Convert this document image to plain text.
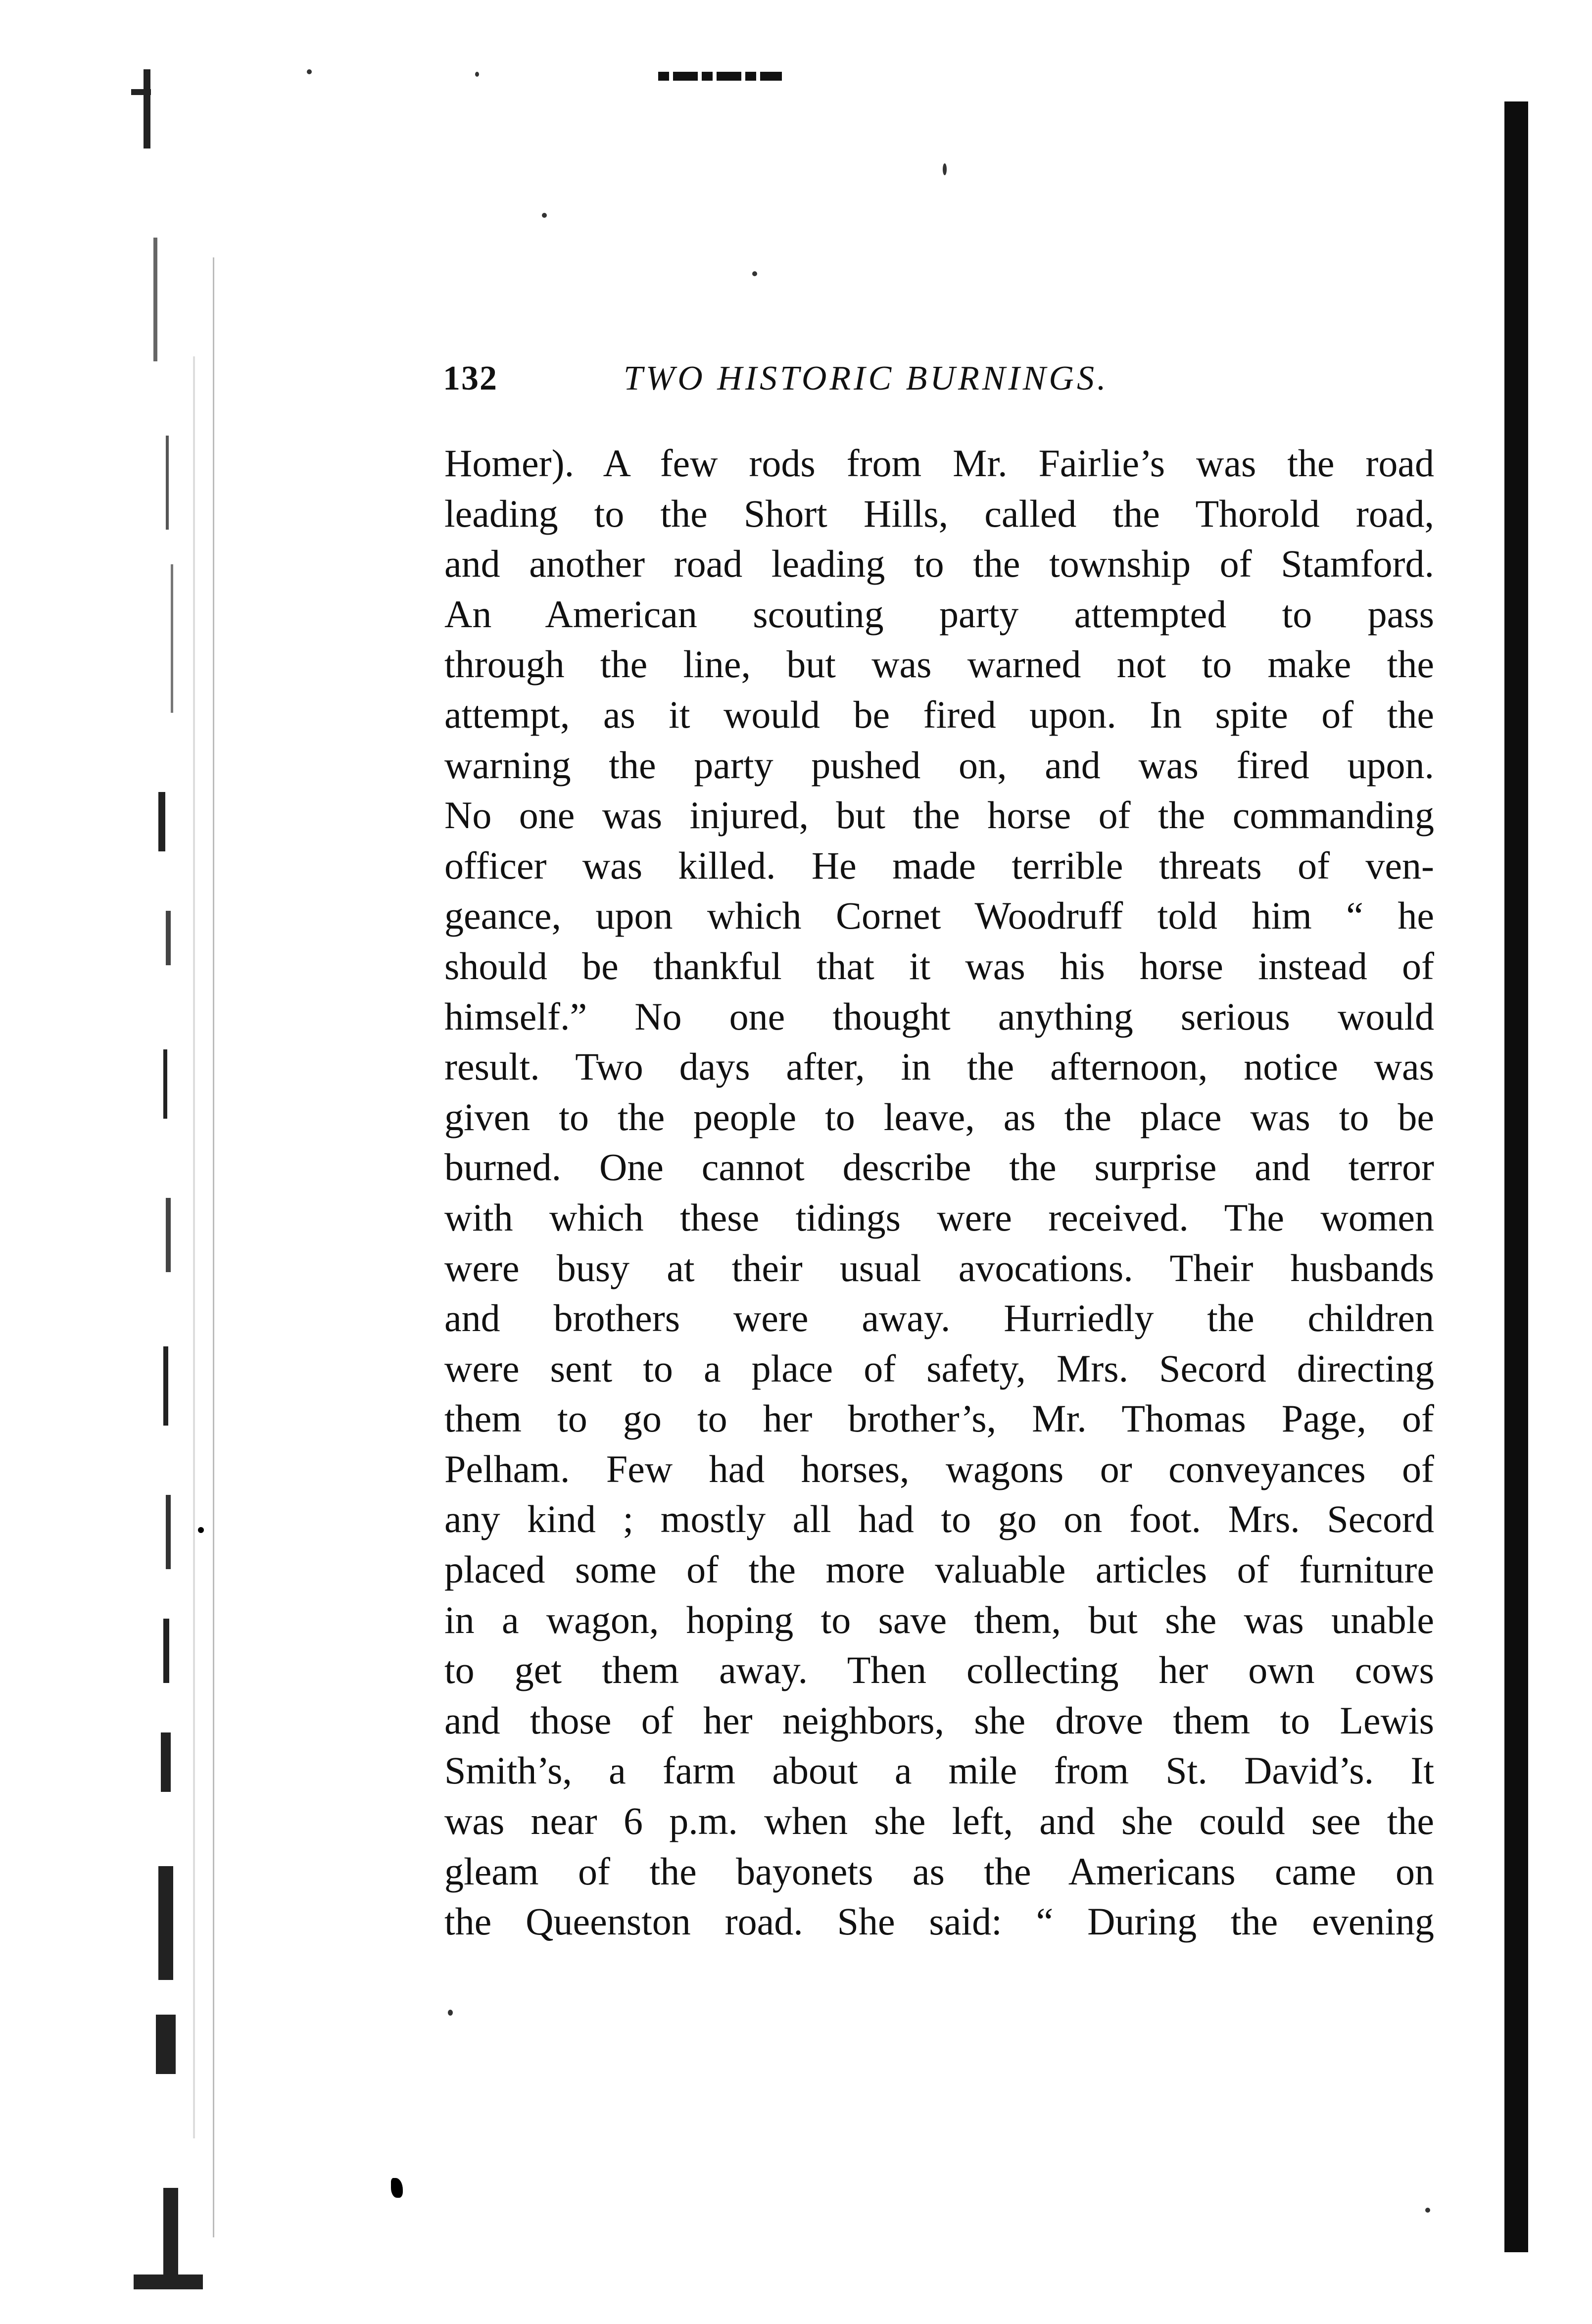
132	TWO HISTORIC BURNINGS.
Homer). A few rods from Mr. Fairlie’s was the road
leading to the Short Hills, called the Thorold road,
and another road leading to the township of Stamford.
An American scouting party attempted to pass
through the line, but was warned not to make the
attempt, as it would be fired upon. In spite of the
warning the party pushed on, and was fired upon.
No one was injured, but the horse of the commanding
officer was killed. He made terrible threats of ven-
geance, upon which Cornet Woodruff told him “ he
should be thankful that it was his horse instead of
himself.” No one thought anything serious would
result. Two days after, in the afternoon, notice was
given to the people to leave, as the place was to be
burned. One cannot describe the surprise and terror
with which these tidings were received. The women
were busy at their usual avocations. Their husbands
and brothers were away. Hurriedly the children
were sent to a place of safety, Mrs. Secord directing
them to go to her brother’s, Mr. Thomas Page, of
Pelham. Few had horses, wagons or conveyances of
any kind ; mostly all had to go on foot. Mrs. Secord
placed some of the more valuable articles of furniture
in a wagon, hoping to save them, but she was unable
to get them away. Then collecting her own cows
and those of her neighbors, she drove them to Lewis
Smith’s, a farm about a mile from St. David’s. It
was near 6 p.m. when she left, and she could see the
gleam of the bayonets as the Americans came on
the Queenston road. She said: “ During the evening
